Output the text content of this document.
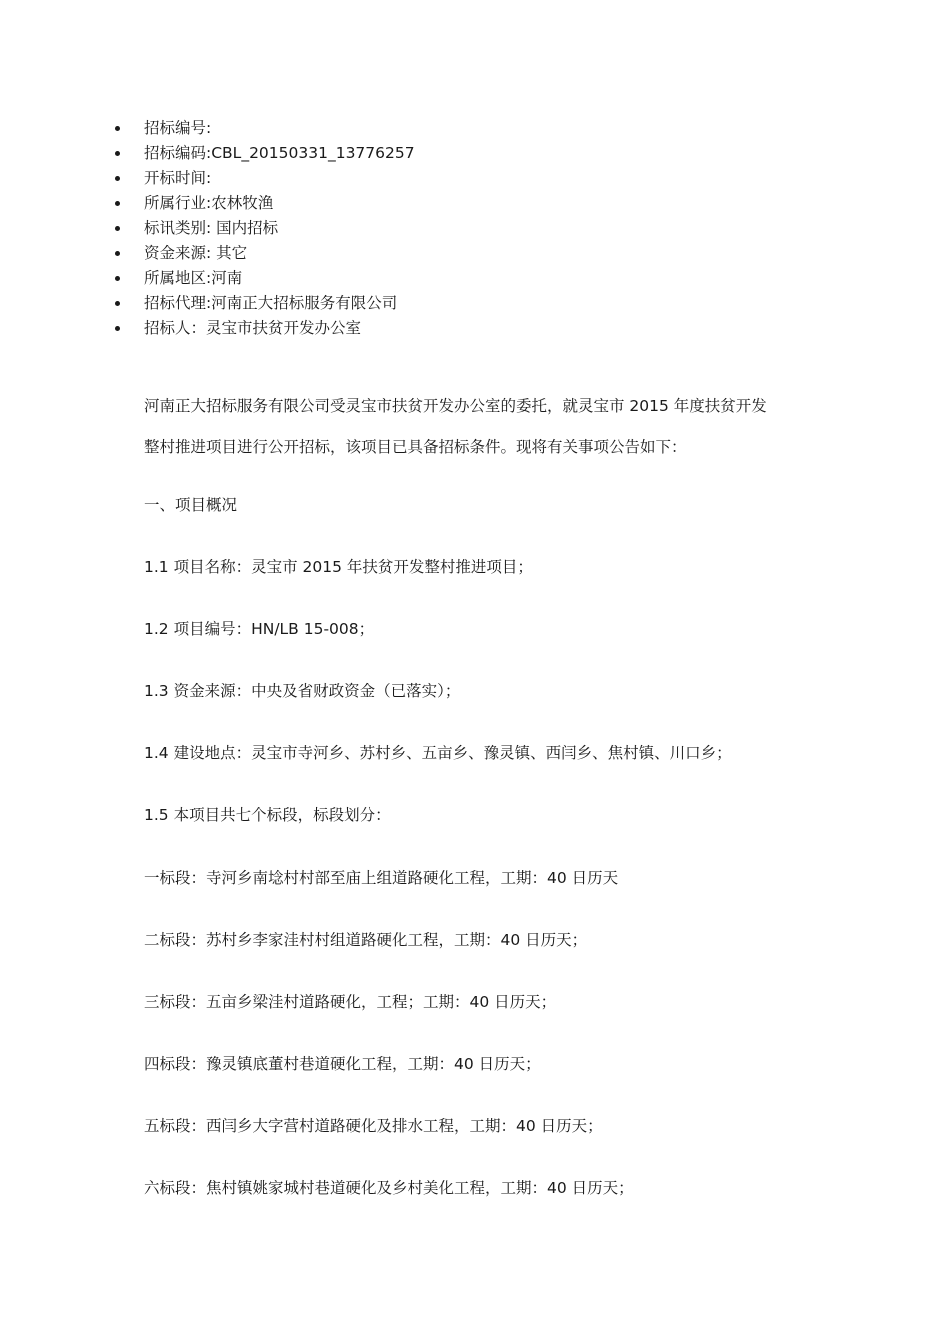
招标编号:
招标编码:CBL_20150331_13776257
开标时间:
所属行业:农林牧渔
标讯类别: 国内招标
资金来源: 其它
所属地区:河南
招标代理:河南正大招标服务有限公司
招标人：灵宝市扶贫开发办公室

河南正大招标服务有限公司受灵宝市扶贫开发办公室的委托，就灵宝市 2015 年度扶贫开发
整村推进项目进行公开招标，该项目已具备招标条件。现将有关事项公告如下：

一、项目概况
1.1 项目名称：灵宝市 2015 年扶贫开发整村推进项目；
1.2 项目编号：HN/LB 15-008；
1.3 资金来源：中央及省财政资金（已落实）；
1.4 建设地点：灵宝市寺河乡、苏村乡、五亩乡、豫灵镇、西闫乡、焦村镇、川口乡；
1.5 本项目共七个标段，标段划分：
一标段：寺河乡南埝村村部至庙上组道路硬化工程，工期：40 日历天
二标段：苏村乡李家洼村村组道路硬化工程，工期：40 日历天；
三标段：五亩乡梁洼村道路硬化，工程；工期：40 日历天；
四标段：豫灵镇底董村巷道硬化工程，工期：40 日历天；
五标段：西闫乡大字营村道路硬化及排水工程，工期：40 日历天；
六标段：焦村镇姚家城村巷道硬化及乡村美化工程，工期：40 日历天；
